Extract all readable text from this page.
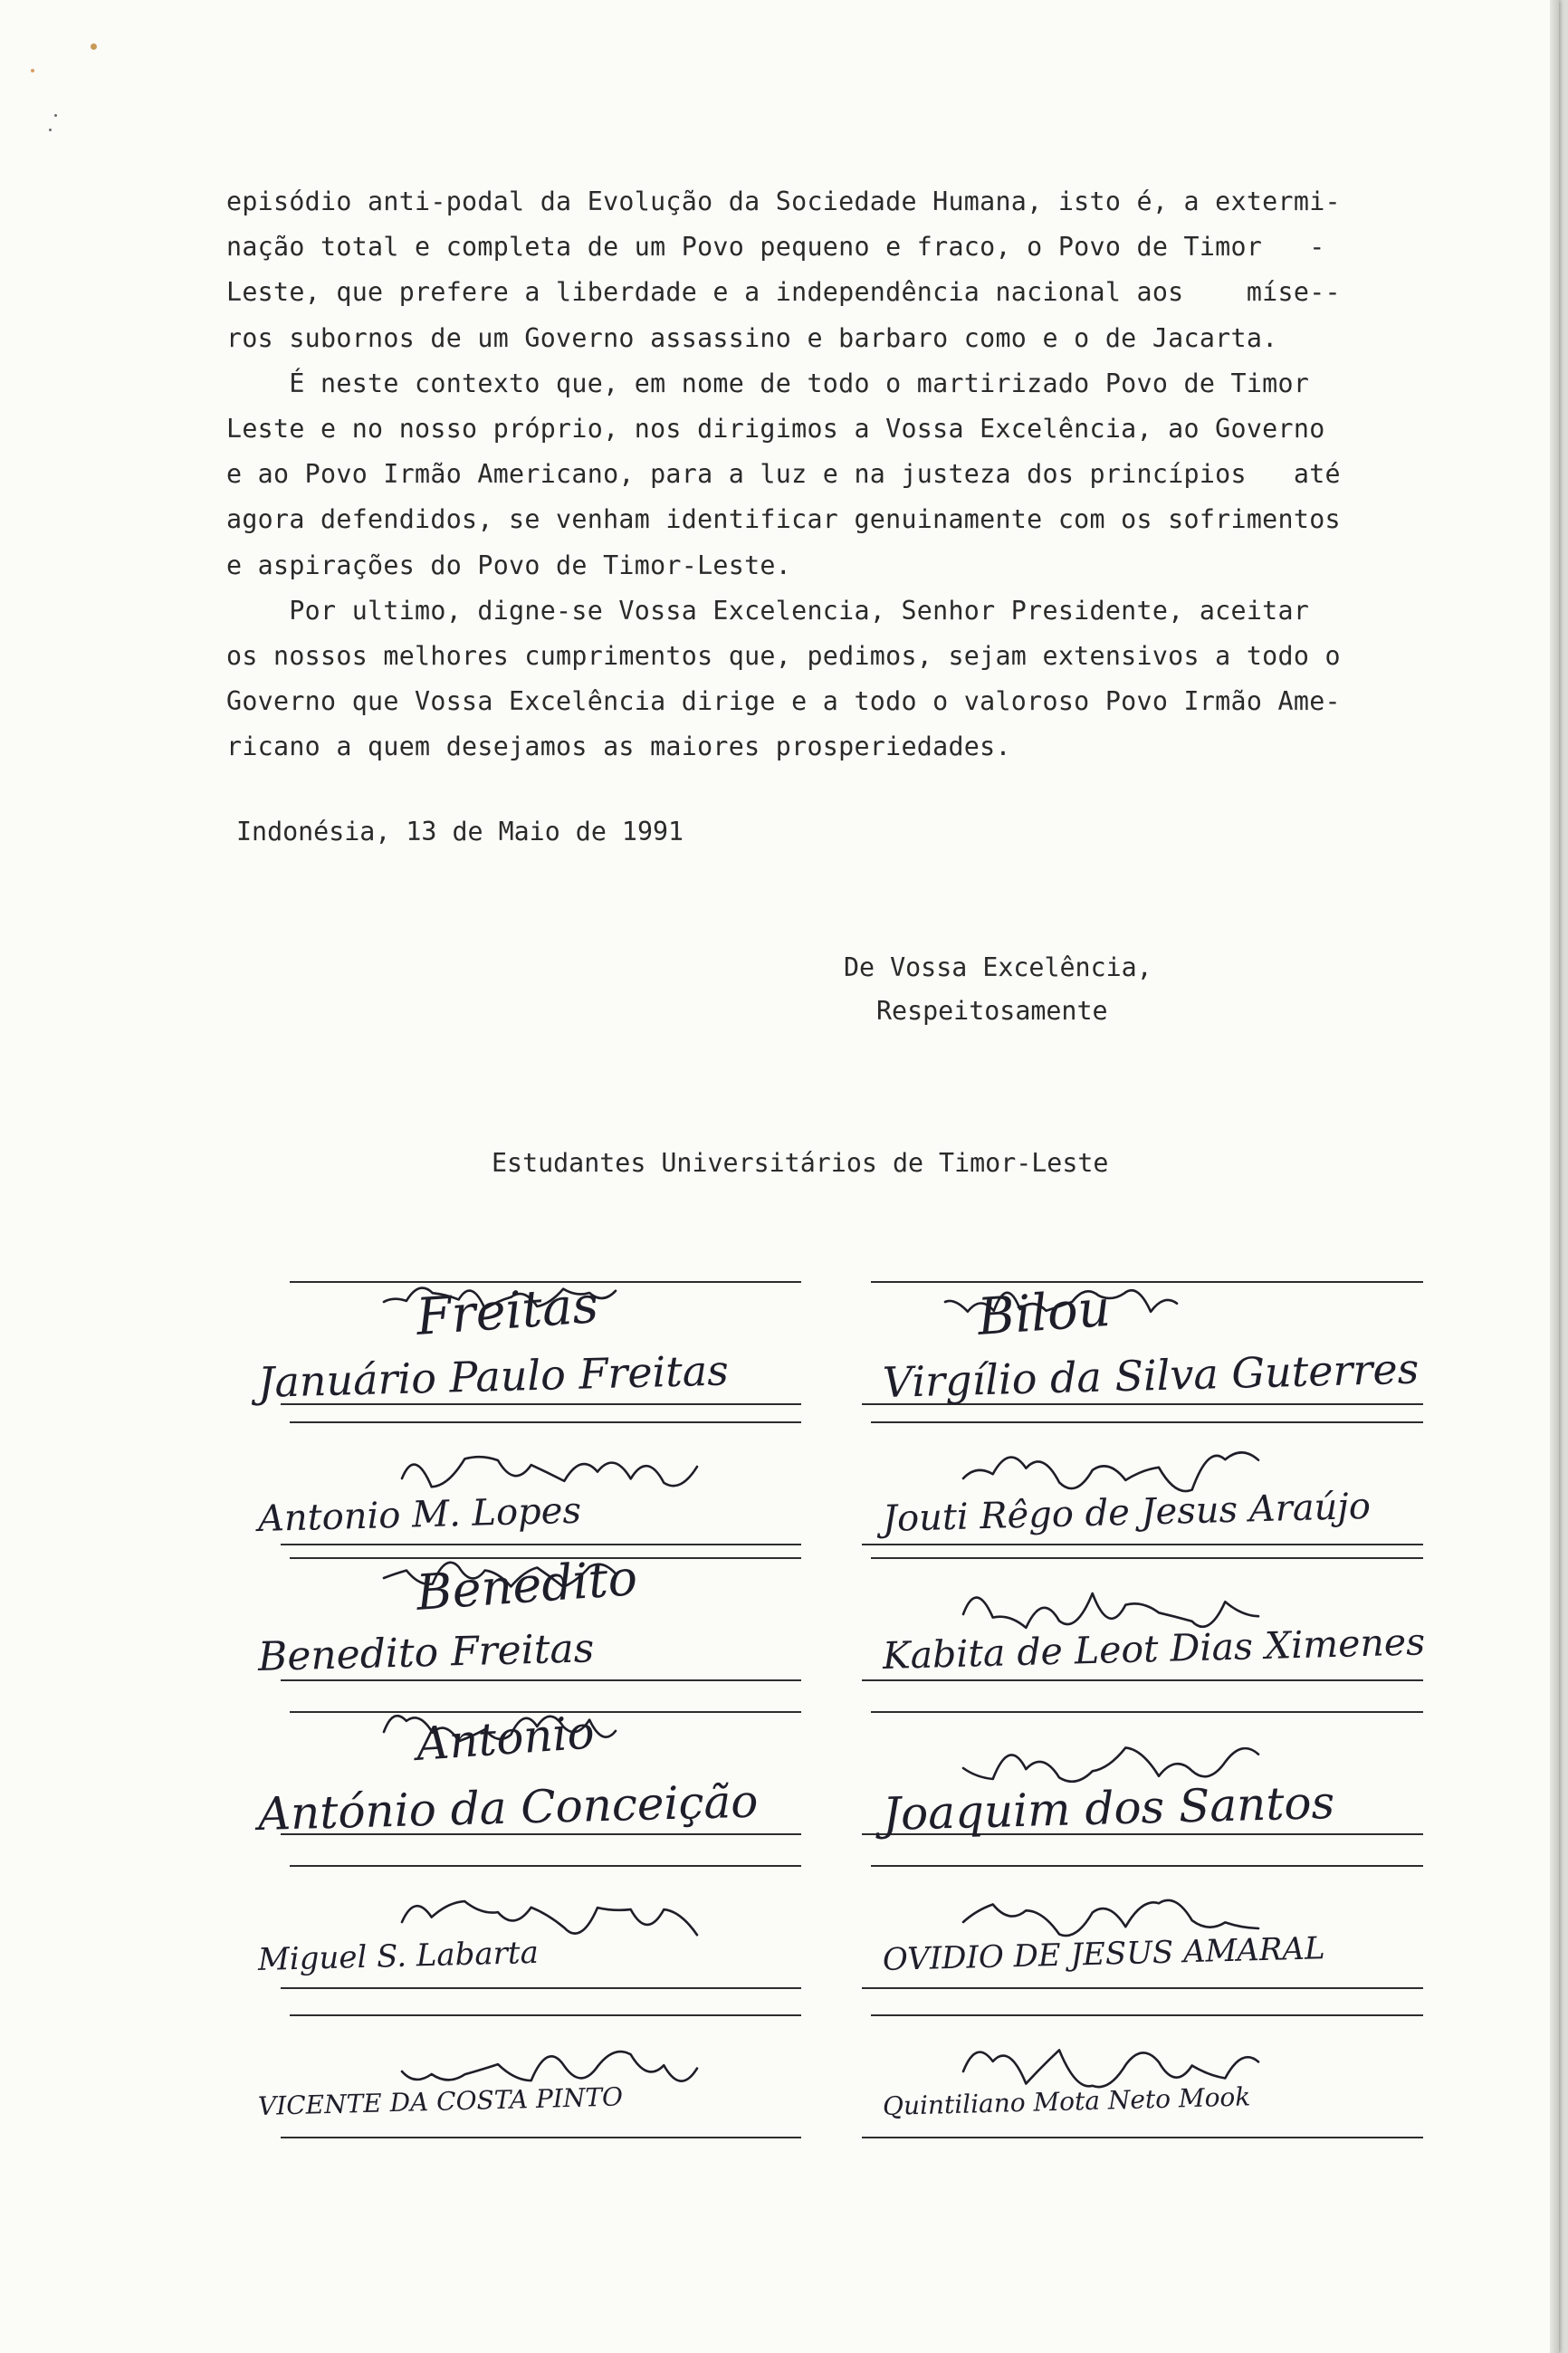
episódio anti-podal da Evolução da Sociedade Humana, isto é, a extermi-
nação total e completa de um Povo pequeno e fraco, o Povo de Timor   -
Leste, que prefere a liberdade e a independência nacional aos    míse--
ros subornos de um Governo assassino e barbaro como e o de Jacarta.
É neste contexto que, em nome de todo o martirizado Povo de Timor
Leste e no nosso próprio, nos dirigimos a Vossa Excelência, ao Governo
e ao Povo Irmão Americano, para a luz e na justeza dos princípios   até
agora defendidos, se venham identificar genuinamente com os sofrimentos
e aspirações do Povo de Timor-Leste.
Por ultimo, digne-se Vossa Excelencia, Senhor Presidente, aceitar
os nossos melhores cumprimentos que, pedimos, sejam extensivos a todo o
Governo que Vossa Excelência dirige e a todo o valoroso Povo Irmão Ame-
ricano a quem desejamos as maiores prosperiedades.
Indonésia, 13 de Maio de 1991
De Vossa Excelência,
Respeitosamente
Estudantes Universitários de Timor-Leste
Freitas
Januário Paulo Freitas
Antonio M. Lopes
Benedito
Benedito Freitas
Antonio
António da Conceição
Miguel S. Labarta
VICENTE DA COSTA PINTO
Bilou
Virgílio da Silva Guterres
Jouti Rêgo de Jesus Araújo
Kabita de Leot Dias Ximenes
Joaquim dos Santos
OVIDIO DE JESUS AMARAL
Quintiliano Mota Neto Mook
